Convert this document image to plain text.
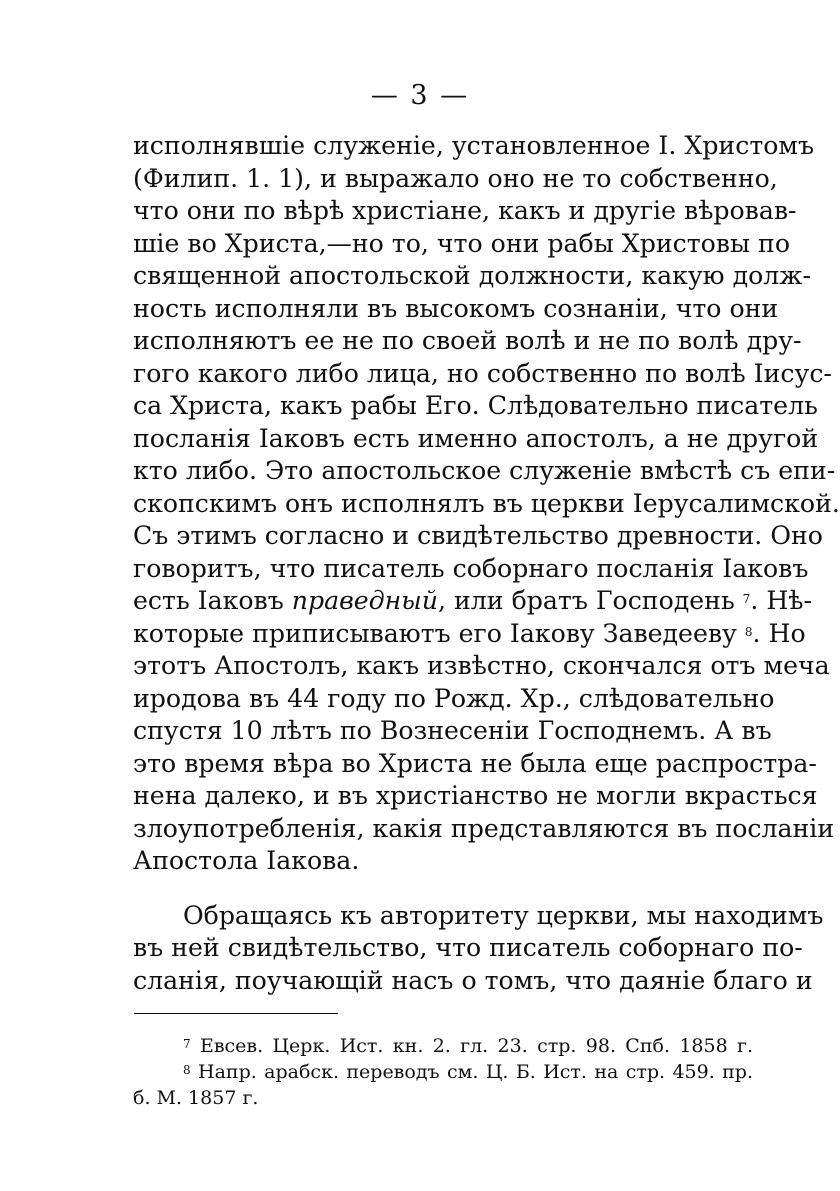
— 3 —
исполнявшіе служеніе, установленное І. Христомъ
(Филип. 1. 1), и выражало оно не то собственно,
что они по вѣрѣ христіане, какъ и другіе вѣровав-
шіе во Христа,—но то, что они рабы Христовы по
священной апостольской должности, какую долж-
ность исполняли въ высокомъ сознаніи, что они
исполняютъ ее не по своей волѣ и не по волѣ дру-
гого какого либо лица, но собственно по волѣ Іисус-
са Христа, какъ рабы Его. Слѣдовательно писатель
посланія Іаковъ есть именно апостолъ, а не другой
кто либо. Это апостольское служеніе вмѣстѣ съ епи-
скопскимъ онъ исполнялъ въ церкви Іерусалимской.
Съ этимъ согласно и свидѣтельство древности. Оно
говоритъ, что писатель соборнаго посланія Іаковъ
есть Іаковъ праведный, или братъ Господень $^7$. Нѣ-
которые приписываютъ его Іакову Заведееву $^8$. Но
этотъ Апостолъ, какъ извѣстно, скончался отъ меча
иродова въ 44 году по Рожд. Хр., слѣдовательно
спустя 10 лѣтъ по Вознесеніи Господнемъ. А въ
это время вѣра во Христа не была еще распростра-
нена далеко, и въ христіанство не могли вкрасться
злоупотребленія, какія представляются въ посланіи
Апостола Іакова.
Обращаясь къ авторитету церкви, мы находимъ
въ ней свидѣтельство, что писатель соборнаго по-
сланія, поучающій насъ о томъ, что даяніе благо и
$^7$ Евсев. Церк. Ист. кн. 2. гл. 23. стр. 98. Спб. 1858 г.
$^8$ Напр. арабск. переводъ см. Ц. Б. Ист. на стр. 459. пр.
б. М. 1857 г.
